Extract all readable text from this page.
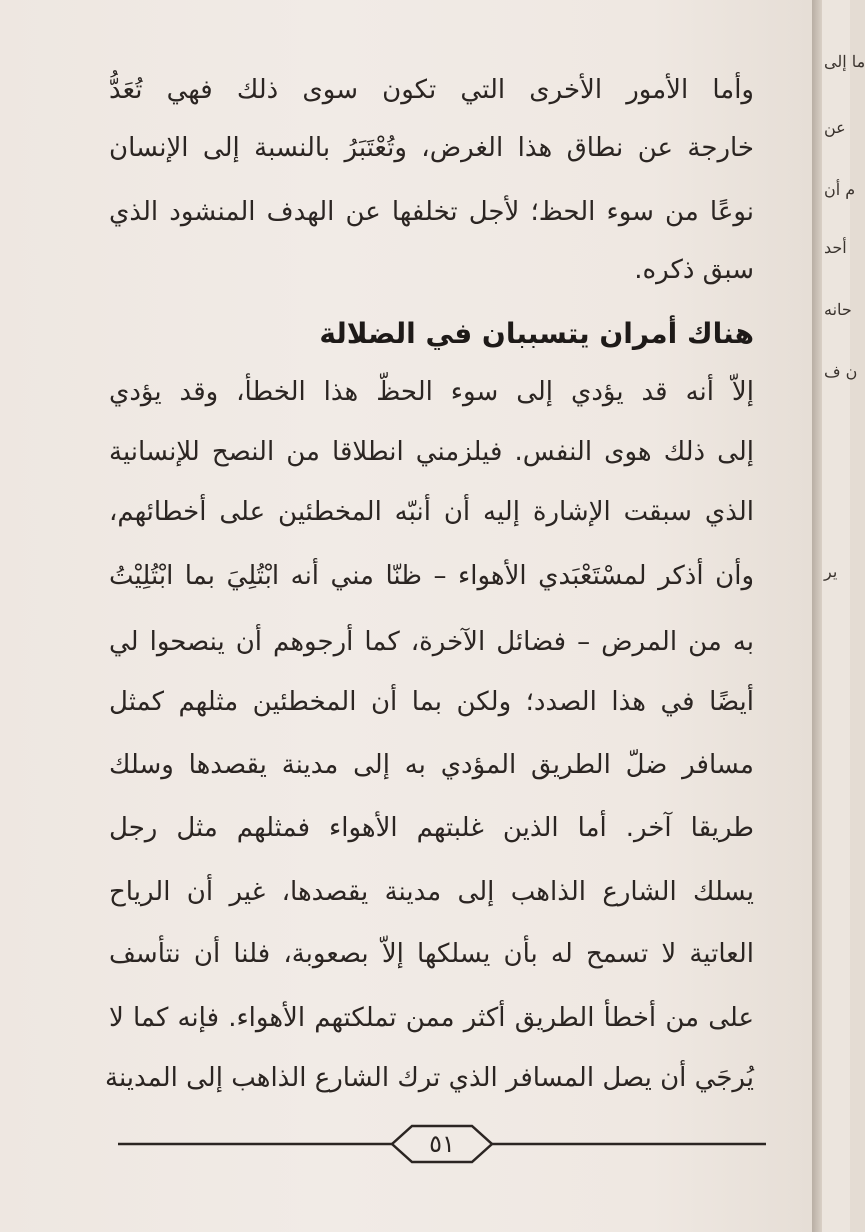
وأما الأمور الأخرى التي تكون سوى ذلك فهي تُعَدُّ
خارجة عن نطاق هذا الغرض، وتُعْتَبَرُ بالنسبة إلى الإنسان
نوعًا من سوء الحظ؛ لأجل تخلفها عن الهدف المنشود الذي
سبق ذكره.
هناك أمران يتسببان في الضلالة
إلاّ أنه قد يؤدي إلى سوء الحظّ هذا الخطأ، وقد يؤدي
إلى ذلك هوى النفس. فيلزمني انطلاقا من النصح للإنسانية
الذي سبقت الإشارة إليه أن أنبّه المخطئين على أخطائهم،
وأن أذكر لمسْتَعْبَدي الأهواء – ظنّا مني أنه ابْتُلِيَ بما ابْتُلِيْتُ
به من المرض – فضائل الآخرة، كما أرجوهم أن ينصحوا لي
أيضًا في هذا الصدد؛ ولكن بما أن المخطئين مثلهم كمثل
مسافر ضلّ الطريق المؤدي به إلى مدينة يقصدها وسلك
طريقا آخر. أما الذين غلبتهم الأهواء فمثلهم مثل رجل
يسلك الشارع الذاهب إلى مدينة يقصدها، غير أن الرياح
العاتية لا تسمح له بأن يسلكها إلاّ بصعوبة، فلنا أن نتأسف
على من أخطأ الطريق أكثر ممن تملكتهم الأهواء. فإنه كما لا
يُرجَي أن يصل المسافر الذي ترك الشارع الذاهب إلى المدينة
٥١
ما إلى
عن
م أن
أحد
حانه
ن ف
ير
